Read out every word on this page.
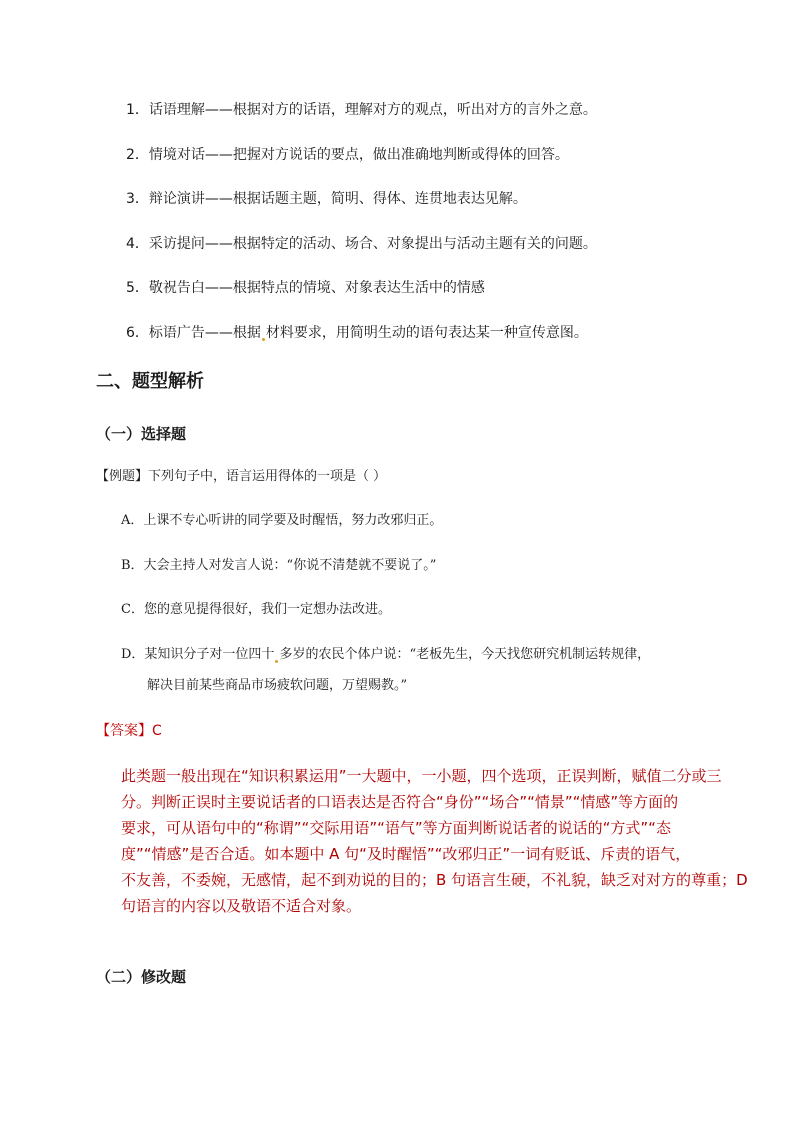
1．话语理解——根据对方的话语，理解对方的观点，听出对方的言外之意。
2．情境对话——把握对方说话的要点，做出准确地判断或得体的回答。
3．辩论演讲——根据话题主题，简明、得体、连贯地表达见解。
4．采访提问——根据特定的活动、场合、对象提出与活动主题有关的问题。
5．敬祝告白——根据特点的情境、对象表达生活中的情感
6．标语广告——根据 材料要求，用简明生动的语句表达某一种宣传意图。
二、题型解析
（一）选择题
【例题】下列句子中，语言运用得体的一项是（ ）
A．上课不专心听讲的同学要及时醒悟，努力改邪归正。
B．大会主持人对发言人说：“你说不清楚就不要说了。”
C．您的意见提得很好，我们一定想办法改进。
D．某知识分子对一位四十 多岁的农民个体户说：“老板先生，今天找您研究机制运转规律，
解决目前某些商品市场疲软问题，万望赐教。”
【答案】C

此类题一般出现在“知识积累运用”一大题中，一小题，四个选项，正误判断，赋值二分或三

分。判断正误时主要说话者的口语表达是否符合“身份”“场合”“情景”“情感”等方面的

要求，可从语句中的“称谓”“交际用语”“语气”等方面判断说话者的说话的“方式”“态

度”“情感”是否合适。如本题中 A 句“及时醒悟”“改邪归正”一词有贬诋、斥责的语气，

不友善，不委婉，无感情，起不到劝说的目的；B 句语言生硬，不礼貌，缺乏对对方的尊重；D

句语言的内容以及敬语不适合对象。

（二）修改题
